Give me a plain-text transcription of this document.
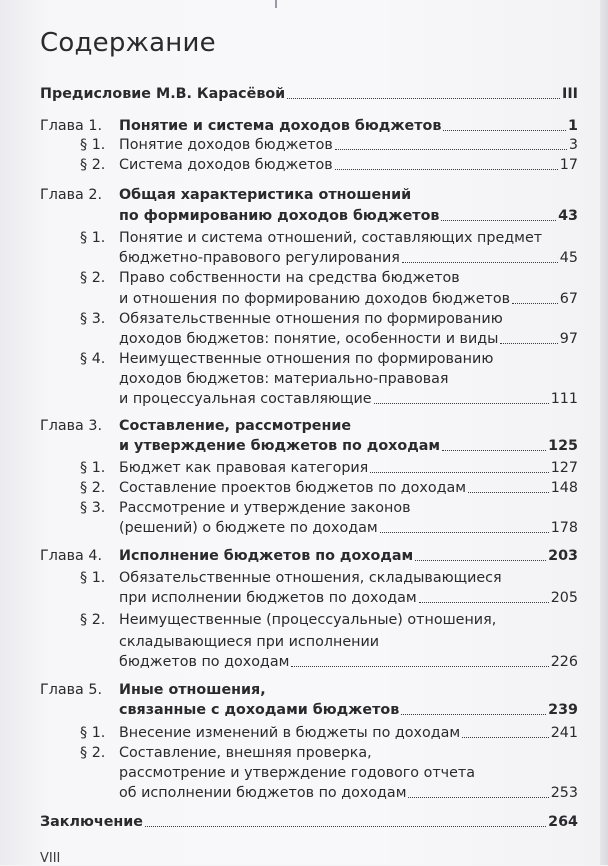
Содержание
Предисловие М.В. Карасёвой	III
Глава 1. Понятие и система доходов бюджетов	1
§ 1. Понятие доходов бюджетов	3
§ 2. Система доходов бюджетов	17
Глава 2. Общая характеристика отношений
по формированию доходов бюджетов	43
§ 1. Понятие и система отношений, составляющих предмет
бюджетно-правового регулирования	45
§ 2. Право собственности на средства бюджетов
и отношения по формированию доходов бюджетов	67
§ 3. Обязательственные отношения по формированию
доходов бюджетов: понятие, особенности и виды	97
§ 4. Неимущественные отношения по формированию
доходов бюджетов: материально-правовая
и процессуальная составляющие	111
Глава 3. Составление, рассмотрение
и утверждение бюджетов по доходам	125
§ 1. Бюджет как правовая категория	127
§ 2. Составление проектов бюджетов по доходам	148
§ 3. Рассмотрение и утверждение законов
(решений) о бюджете по доходам	178
Глава 4. Исполнение бюджетов по доходам	203
§ 1. Обязательственные отношения, складывающиеся
при исполнении бюджетов по доходам	205
§ 2. Неимущественные (процессуальные) отношения,
складывающиеся при исполнении
бюджетов по доходам	226
Глава 5. Иные отношения,
связанные с доходами бюджетов	239
§ 1. Внесение изменений в бюджеты по доходам	241
§ 2. Составление, внешняя проверка,
рассмотрение и утверждение годового отчета
об исполнении бюджетов по доходам	253
Заключение	264
VIII
